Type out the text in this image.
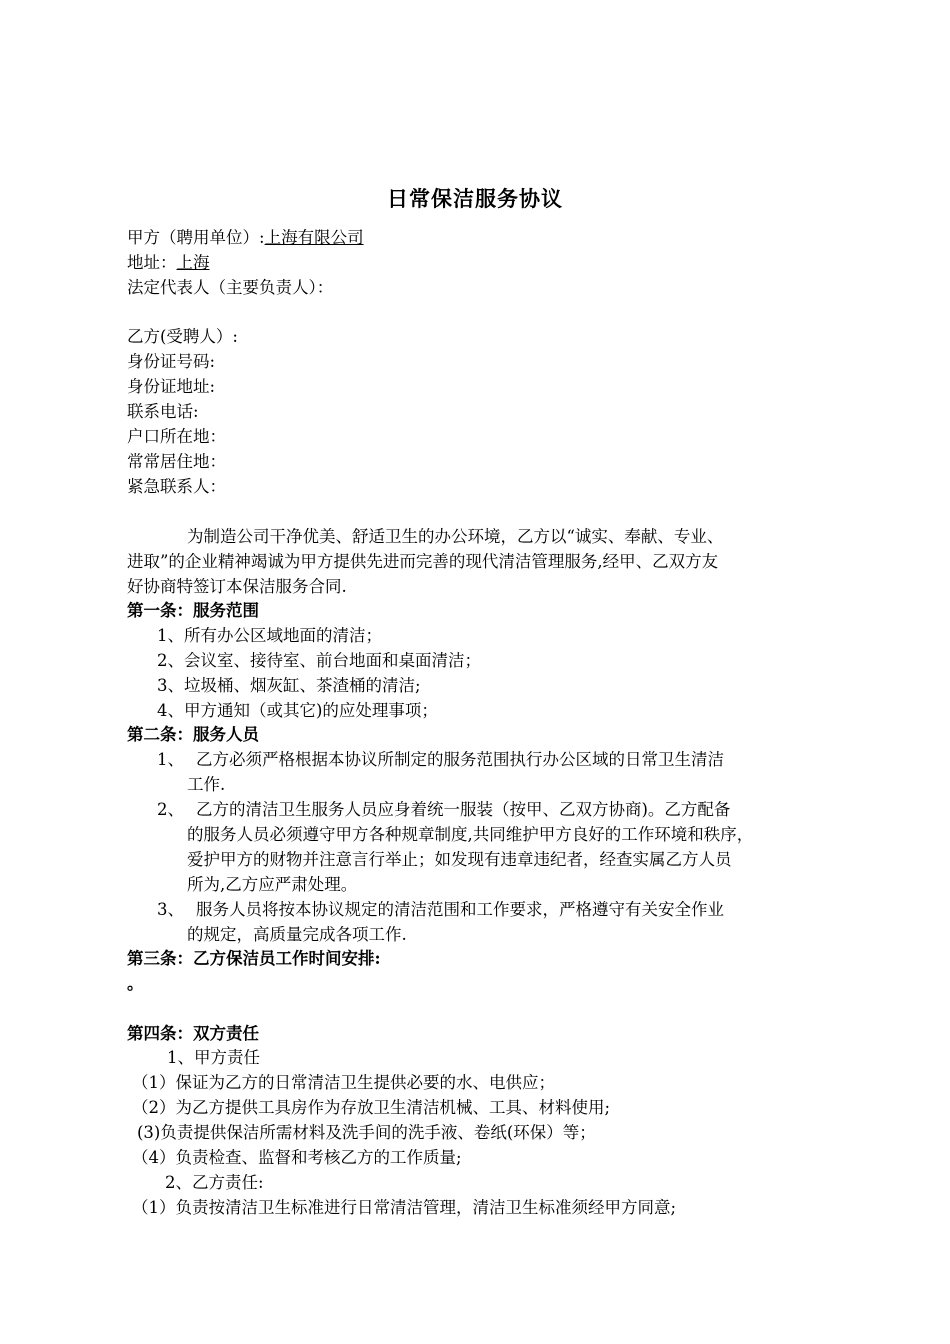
日常保洁服务协议
甲方（聘用单位）:上海有限公司
地址：上海
法定代表人（主要负责人）：
乙方(受聘人）:
身份证号码:
身份证地址:
联系电话:
户口所在地：
常常居住地：
紧急联系人：
为制造公司干净优美、舒适卫生的办公环境，乙方以“诚实、奉献、专业、
进取”的企业精神竭诚为甲方提供先进而完善的现代清洁管理服务,经甲、乙双方友
好协商特签订本保洁服务合同.
第一条：服务范围
1、所有办公区域地面的清洁；
2、会议室、接待室、前台地面和桌面清洁；
3、垃圾桶、烟灰缸、茶渣桶的清洁;
4、甲方通知（或其它)的应处理事项；
第二条：服务人员
1、 乙方必须严格根据本协议所制定的服务范围执行办公区域的日常卫生清洁
工作.
2、 乙方的清洁卫生服务人员应身着统一服装（按甲、乙双方协商)。乙方配备
的服务人员必须遵守甲方各种规章制度,共同维护甲方良好的工作环境和秩序，
爱护甲方的财物并注意言行举止；如发现有违章违纪者，经查实属乙方人员
所为,乙方应严肃处理。
3、 服务人员将按本协议规定的清洁范围和工作要求，严格遵守有关安全作业
的规定，高质量完成各项工作.
第三条：乙方保洁员工作时间安排:
。
第四条：双方责任
1、甲方责任
（1）保证为乙方的日常清洁卫生提供必要的水、电供应；
（2）为乙方提供工具房作为存放卫生清洁机械、工具、材料使用;
(3)负责提供保洁所需材料及洗手间的洗手液、卷纸(环保）等；
（4）负责检查、监督和考核乙方的工作质量;
2、乙方责任:
（1）负责按清洁卫生标准进行日常清洁管理，清洁卫生标准须经甲方同意;
